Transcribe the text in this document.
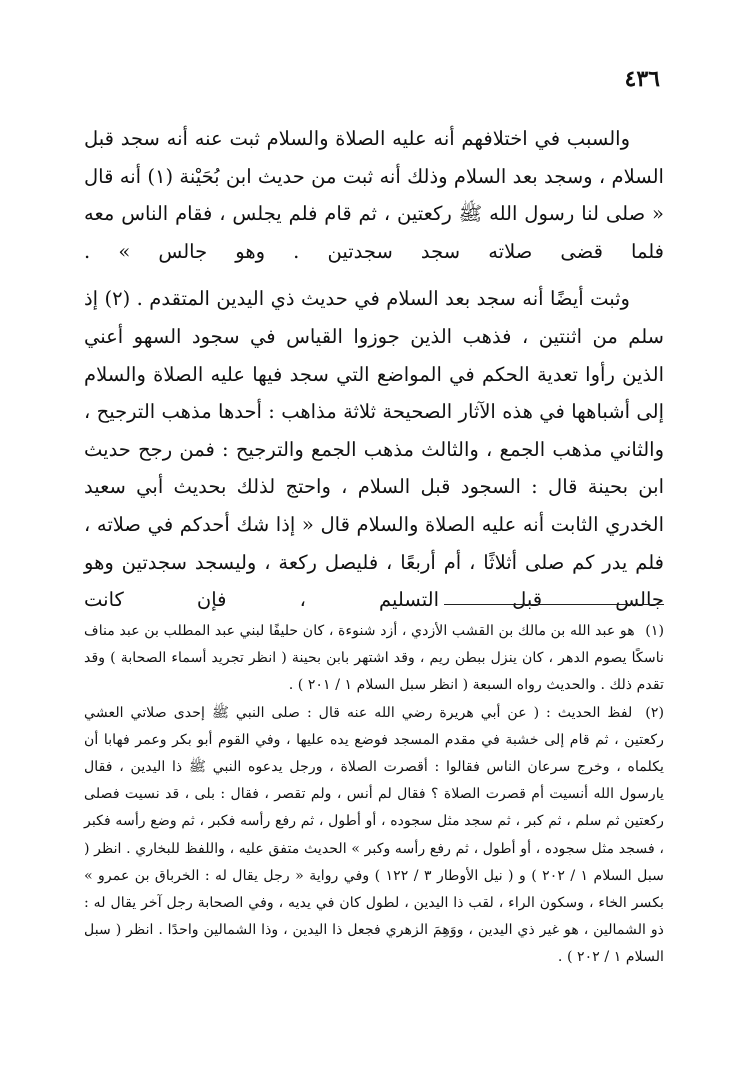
٤٣٦

والسبب في اختلافهم أنه عليه الصلاة والسلام ثبت عنه أنه سجد قبل السلام ، وسجد بعد السلام وذلك أنه ثبت من حديث ابن بُحَيْنة (١) أنه قال « صلى لنا رسول الله ﷺ ركعتين ، ثم قام فلم يجلس ، فقام الناس معه فلما قضى صلاته سجد سجدتين . وهو جالس » .

وثبت أيضًا أنه سجد بعد السلام في حديث ذي اليدين المتقدم . (٢) إذ سلم من اثنتين ، فذهب الذين جوزوا القياس في سجود السهو أعني الذين رأوا تعدية الحكم في المواضع التي سجد فيها عليه الصلاة والسلام إلى أشباهها في هذه الآثار الصحيحة ثلاثة مذاهب : أحدها مذهب الترجيح ، والثاني مذهب الجمع ، والثالث مذهب الجمع والترجيح : فمن رجح حديث ابن بحينة قال : السجود قبل السلام ، واحتج لذلك بحديث أبي سعيد الخدري الثابت أنه عليه الصلاة والسلام قال « إذا شك أحدكم في صلاته ، فلم يدر كم صلى أثلاثًا ، أم أربعًا ، فليصل ركعة ، وليسجد سجدتين وهو جالس قبل التسليم ، فإن كانت

(١) هو عبد الله بن مالك بن القشب الأزدي ، أزد شنوءة ، كان حليفًا لبني عبد المطلب بن عبد مناف ناسكًا يصوم الدهر ، كان ينزل ببطن ريم ، وقد اشتهر بابن بحينة ( انظر تجريد أسماء الصحابة ) وقد تقدم ذلك . والحديث رواه السبعة ( انظر سبل السلام ١ / ٢٠١ ) .

(٢) لفظ الحديث : ( عن أبي هريرة رضي الله عنه قال : صلى النبي ﷺ إحدى صلاتي العشي ركعتين ، ثم قام إلى خشبة في مقدم المسجد فوضع يده عليها ، وفي القوم أبو بكر وعمر فهابا أن يكلماه ، وخرج سرعان الناس فقالوا : أقصرت الصلاة ، ورجل يدعوه النبي ﷺ ذا اليدين ، فقال يارسول الله أنسيت أم قصرت الصلاة ؟ فقال لم أنس ، ولم تقصر ، فقال : بلى ، قد نسيت فصلى ركعتين ثم سلم ، ثم كبر ، ثم سجد مثل سجوده ، أو أطول ، ثم رفع رأسه فكبر ، ثم وضع رأسه فكبر ، فسجد مثل سجوده ، أو أطول ، ثم رفع رأسه وكبر » الحديث متفق عليه ، واللفظ للبخاري . انظر ( سبل السلام ١ / ٢٠٢ ) و ( نيل الأوطار ٣ / ١٢٢ ) وفي رواية « رجل يقال له : الخرباق بن عمرو » بكسر الخاء ، وسكون الراء ، لقب ذا اليدين ، لطول كان في يديه ، وفي الصحابة رجل آخر يقال له : ذو الشمالين ، هو غير ذي اليدين ، ووَهِمَ الزهري فجعل ذا اليدين ، وذا الشمالين واحدًا . انظر ( سبل السلام ١ / ٢٠٢ ) .
